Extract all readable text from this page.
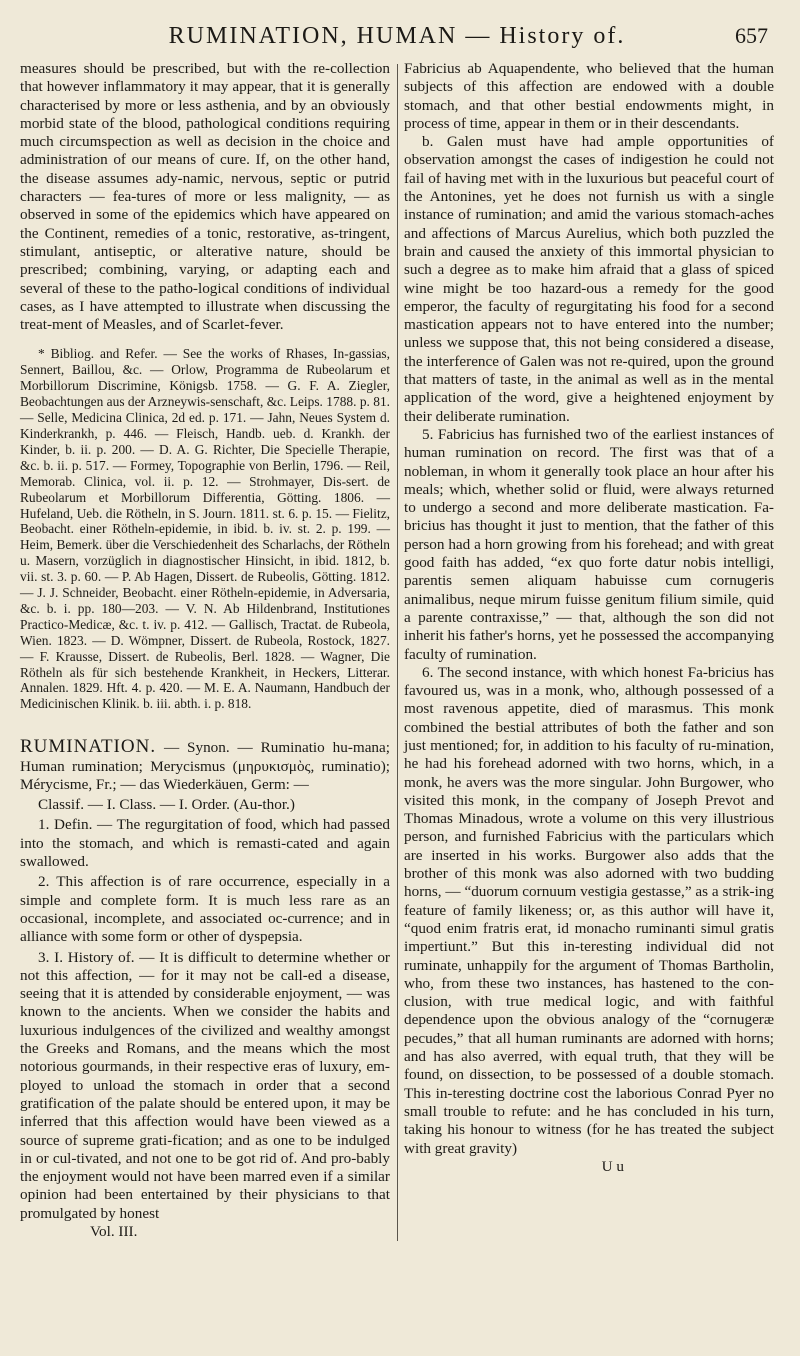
RUMINATION, HUMAN — History of.	657

measures should be prescribed, but with the re-collection that however inflammatory it may appear, that it is generally characterised by more or less asthenia, and by an obviously morbid state of the blood, pathological conditions requiring much circumspection as well as decision in the choice and administration of our means of cure. If, on the other hand, the disease assumes ady-namic, nervous, septic or putrid characters — fea-tures of more or less malignity, — as observed in some of the epidemics which have appeared on the Continent, remedies of a tonic, restorative, as-tringent, stimulant, antiseptic, or alterative nature, should be prescribed; combining, varying, or adapting each and several of these to the patho-logical conditions of individual cases, as I have attempted to illustrate when discussing the treat-ment of Measles, and of Scarlet-fever.

* Bibliog. and Refer. — See the works of Rhases, In-gassias, Sennert, Baillou, &c. — Orlow, Programma de Rubeolarum et Morbillorum Discrimine, Königsb. 1758. — G. F. A. Ziegler, Beobachtungen aus der Arzneywis-senschaft, &c. Leips. 1788. p. 81. — Selle, Medicina Clinica, 2d ed. p. 171. — Jahn, Neues System d. Kinderkrankh, p. 446. — Fleisch, Handb. ueb. d. Krankh. der Kinder, b. ii. p. 200. — D. A. G. Richter, Die Specielle Therapie, &c. b. ii. p. 517. — Formey, Topographie von Berlin, 1796. — Reil, Memorab. Clinica, vol. ii. p. 12. — Strohmayer, Dis-sert. de Rubeolarum et Morbillorum Differentia, Götting. 1806. — Hufeland, Ueb. die Rötheln, in S. Journ. 1811. st. 6. p. 15. — Fielitz, Beobacht. einer Rötheln-epidemie, in ibid. b. iv. st. 2. p. 199. — Heim, Bemerk. über die Verschiedenheit des Scharlachs, der Rötheln u. Masern, vorzüglich in diagnostischer Hinsicht, in ibid. 1812, b. vii. st. 3. p. 60. — P. Ab Hagen, Dissert. de Rubeolis, Götting. 1812. — J. J. Schneider, Beobacht. einer Rötheln-epidemie, in Adversaria, &c. b. i. pp. 180—203. — V. N. Ab Hildenbrand, Institutiones Practico-Medicæ, &c. t. iv. p. 412. — Gallisch, Tractat. de Rubeola, Wien. 1823. — D. Wömpner, Dissert. de Rubeola, Rostock, 1827. — F. Krausse, Dissert. de Rubeolis, Berl. 1828. — Wagner, Die Rötheln als für sich bestehende Krankheit, in Heckers, Litterar. Annalen. 1829. Hft. 4. p. 420. — M. E. A. Naumann, Handbuch der Medicinischen Klinik. b. iii. abth. i. p. 818.

RUMINATION. — Synon. — Ruminatio hu-mana; Human rumination; Merycismus (μηρυκισμὸς, ruminatio); Mérycisme, Fr.; — das Wiederkäuen, Germ: —

Classif. — I. Class. — I. Order. (Au-thor.)

1. Defin. — The regurgitation of food, which had passed into the stomach, and which is remasti-cated and again swallowed.

2. This affection is of rare occurrence, especially in a simple and complete form. It is much less rare as an occasional, incomplete, and associated oc-currence; and in alliance with some form or other of dyspepsia.

3. I. History of. — It is difficult to determine whether or not this affection, — for it may not be call-ed a disease, seeing that it is attended by considerable enjoyment, — was known to the ancients. When we consider the habits and luxurious indulgences of the civilized and wealthy amongst the Greeks and Romans, and the means which the most notorious gourmands, in their respective eras of luxury, em-ployed to unload the stomach in order that a second gratification of the palate should be entered upon, it may be inferred that this affection would have been viewed as a source of supreme grati-fication; and as one to be indulged in or cul-tivated, and not one to be got rid of. And pro-bably the enjoyment would not have been marred even if a similar opinion had been entertained by their physicians to that promulgated by honest

Vol. III.

Fabricius ab Aquapendente, who believed that the human subjects of this affection are endowed with a double stomach, and that other bestial endowments might, in process of time, appear in them or in their descendants.

b. Galen must have had ample opportunities of observation amongst the cases of indigestion he could not fail of having met with in the luxurious but peaceful court of the Antonines, yet he does not furnish us with a single instance of rumination; and amid the various stomach-aches and affections of Marcus Aurelius, which both puzzled the brain and caused the anxiety of this immortal physician to such a degree as to make him afraid that a glass of spiced wine might be too hazard-ous a remedy for the good emperor, the faculty of regurgitating his food for a second mastication appears not to have entered into the number; unless we suppose that, this not being considered a disease, the interference of Galen was not re-quired, upon the ground that matters of taste, in the animal as well as in the mental application of the word, give a heightened enjoyment by their deliberate rumination.

5. Fabricius has furnished two of the earliest instances of human rumination on record. The first was that of a nobleman, in whom it generally took place an hour after his meals; which, whether solid or fluid, were always returned to undergo a second and more deliberate mastication. Fa-bricius has thought it just to mention, that the father of this person had a horn growing from his forehead; and with great good faith has added, “ex quo forte datur nobis intelligi, parentis semen aliquam habuisse cum cornugeris animalibus, neque mirum fuisse genitum filium simile, quid a parente contraxisse,” — that, although the son did not inherit his father's horns, yet he possessed the accompanying faculty of rumination.

6. The second instance, with which honest Fa-bricius has favoured us, was in a monk, who, although possessed of a most ravenous appetite, died of marasmus. This monk combined the bestial attributes of both the father and son just mentioned; for, in addition to his faculty of ru-mination, he had his forehead adorned with two horns, which, in a monk, he avers was the more singular. John Burgower, who visited this monk, in the company of Joseph Prevot and Thomas Minadous, wrote a volume on this very illustrious person, and furnished Fabricius with the particulars which are inserted in his works. Burgower also adds that the brother of this monk was also adorned with two budding horns, — “duorum cornuum vestigia gestasse,” as a strik-ing feature of family likeness; or, as this author will have it, “quod enim fratris erat, id monacho ruminanti simul gratis impertiunt.” But this in-teresting individual did not ruminate, unhappily for the argument of Thomas Bartholin, who, from these two instances, has hastened to the con-clusion, with true medical logic, and with faithful dependence upon the obvious analogy of the “cornugeræ pecudes,” that all human ruminants are adorned with horns; and has also averred, with equal truth, that they will be found, on dissection, to be possessed of a double stomach. This in-teresting doctrine cost the laborious Conrad Pyer no small trouble to refute: and he has concluded in his turn, taking his honour to witness (for he has treated the subject with great gravity)

U u
